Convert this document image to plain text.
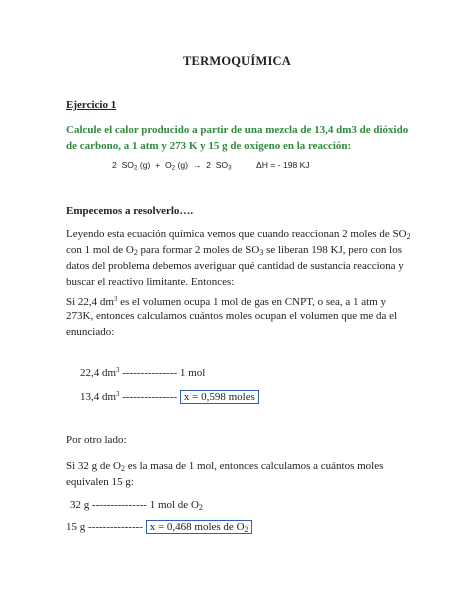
TERMOQUÍMICA
Ejercicio 1
Calcule el calor producido a partir de una mezcla de 13,4 dm3 de dióxido
de carbono, a 1 atm y 273 K y 15 g de oxígeno en la reacción:
2 $SO_2$ $(g) + O_2$ (g) → 2 $SO_3$	ΔH = - 198 KJ
Empecemos a resolverlo….
Leyendo esta ecuación química vemos que cuando reaccionan 2 moles de $SO_2$
con 1 mol de $O_2$ para formar 2 moles de $SO_3$ se liberan 198 KJ, pero con los
datos del problema debemos averiguar qué cantidad de sustancia reacciona y
buscar el reactivo limitante. Entonces:
Si 22,4 $dm^3$ es el volumen ocupa 1 mol de gas en CNPT, o sea, a 1 atm y
273K, entonces calculamos cuántos moles ocupan el volumen que me da el
enunciado:
22,4 $dm^3$ --------------- 1 mol
13,4 $dm^3$ --------------- x = 0,598 moles
Por otro lado:
Si 32 g de $O_2$ es la masa de 1 mol, entonces calculamos a cuántos moles
equivalen 15 g:
32 g --------------- 1 mol de $O_2$
15 g --------------- x = 0,468 moles de $O_2$
